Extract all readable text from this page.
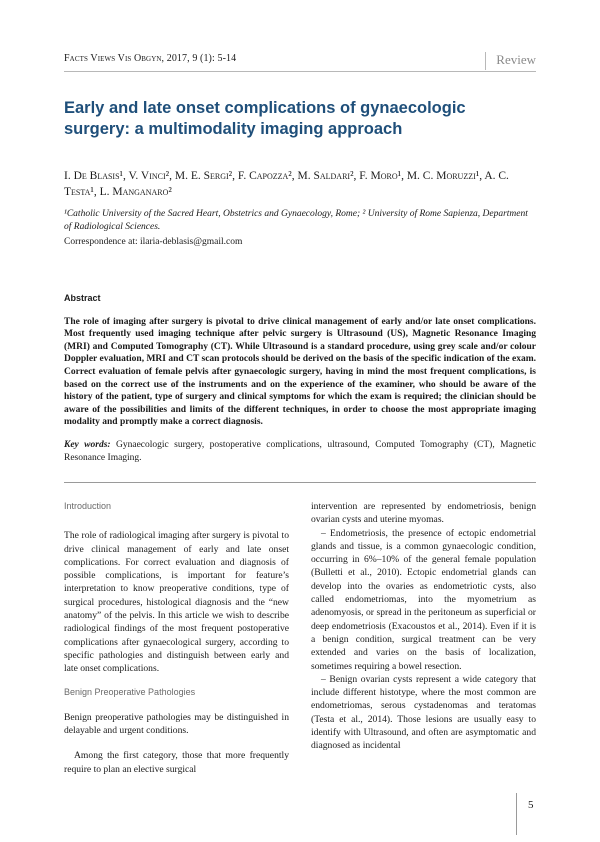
Facts Views Vis Obgyn, 2017, 9 (1): 5-14	Review
Early and late onset complications of gynaecologic surgery: a multimodality imaging approach
I. De Blasis¹, V. Vinci², M. E. Sergi², F. Capozza², M. Saldari², F. Moro¹, M. C. Moruzzi¹, A. C. Testa¹, L. Manganaro²
¹Catholic University of the Sacred Heart, Obstetrics and Gynaecology, Rome; ² University of Rome Sapienza, Department of Radiological Sciences.
Correspondence at: ilaria-deblasis@gmail.com
Abstract

The role of imaging after surgery is pivotal to drive clinical management of early and/or late onset complications. Most frequently used imaging technique after pelvic surgery is Ultrasound (US), Magnetic Resonance Imaging (MRI) and Computed Tomography (CT). While Ultrasound is a standard procedure, using grey scale and/or colour Doppler evaluation, MRI and CT scan protocols should be derived on the basis of the specific indication of the exam. Correct evaluation of female pelvis after gynaecologic surgery, having in mind the most frequent complications, is based on the correct use of the instruments and on the experience of the examiner, who should be aware of the history of the patient, type of surgery and clinical symptoms for which the exam is required; the clinician should be aware of the possibilities and limits of the different techniques, in order to choose the most appropriate imaging modality and promptly make a correct diagnosis.

Key words: Gynaecologic surgery, postoperative complications, ultrasound, Computed Tomography (CT), Magnetic Resonance Imaging.

Introduction

The role of radiological imaging after surgery is pivotal to drive clinical management of early and late onset complications. For correct evaluation and diagnosis of possible complications, is important for feature’s interpretation to know preoperative conditions, type of surgical procedures, histological diagnosis and the “new anatomy” of the pelvis. In this article we wish to describe radiological findings of the most frequent postoperative complications after gynaecological surgery, according to specific pathologies and distinguish between early and late onset complications.

Benign Preoperative Pathologies

Benign preoperative pathologies may be distinguished in delayable and urgent conditions.

Among the first category, those that more frequently require to plan an elective surgical

intervention are represented by endometriosis, benign ovarian cysts and uterine myomas.

– Endometriosis, the presence of ectopic endometrial glands and tissue, is a common gynaecologic condition, occurring in 6%–10% of the general female population (Bulletti et al., 2010). Ectopic endometrial glands can develop into the ovaries as endometriotic cysts, also called endometriomas, into the myometrium as adenomyosis, or spread in the peritoneum as superficial or deep endometriosis (Exacoustos et al., 2014). Even if it is a benign condition, surgical treatment can be very extended and varies on the basis of localization, sometimes requiring a bowel resection.

– Benign ovarian cysts represent a wide category that include different histotype, where the most common are endometriomas, serous cystadenomas and teratomas (Testa et al., 2014). Those lesions are usually easy to identify with Ultrasound, and often are asymptomatic and diagnosed as incidental

5
